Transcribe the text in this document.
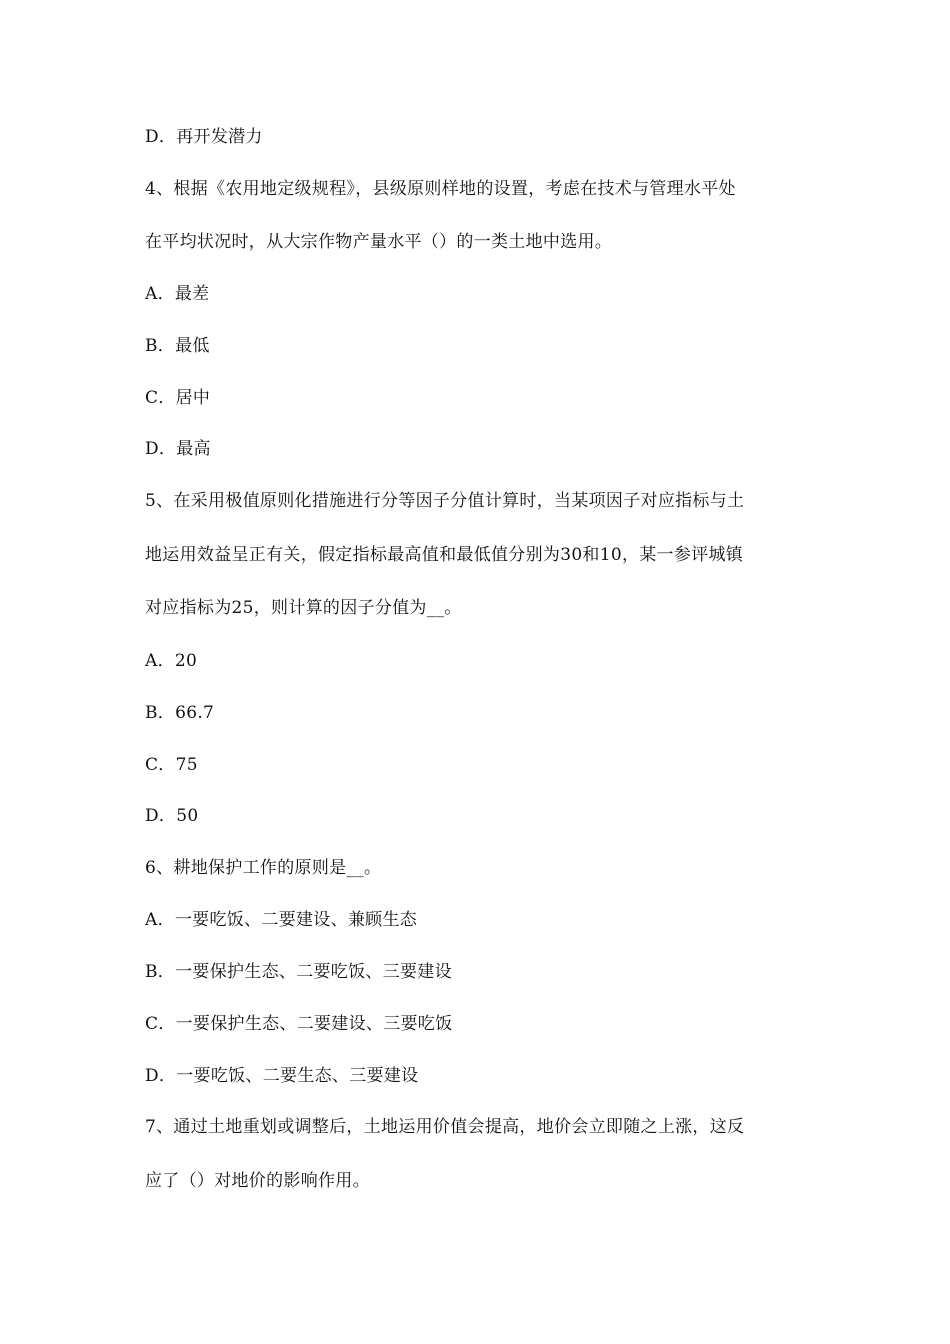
D．再开发潜力
4、根据《农用地定级规程》，县级原则样地的设置，考虑在技术与管理水平处
在平均状况时，从大宗作物产量水平（）的一类土地中选用。
A．最差
B．最低
C．居中
D．最高
5、在采用极值原则化措施进行分等因子分值计算时，当某项因子对应指标与土
地运用效益呈正有关，假定指标最高值和最低值分别为30和10，某一参评城镇
对应指标为25，则计算的因子分值为__。
A．20
B．66.7
C．75
D．50
6、耕地保护工作的原则是__。
A．一要吃饭、二要建设、兼顾生态
B．一要保护生态、二要吃饭、三要建设
C．一要保护生态、二要建设、三要吃饭
D．一要吃饭、二要生态、三要建设
7、通过土地重划或调整后，土地运用价值会提高，地价会立即随之上涨，这反
应了（）对地价的影响作用。
